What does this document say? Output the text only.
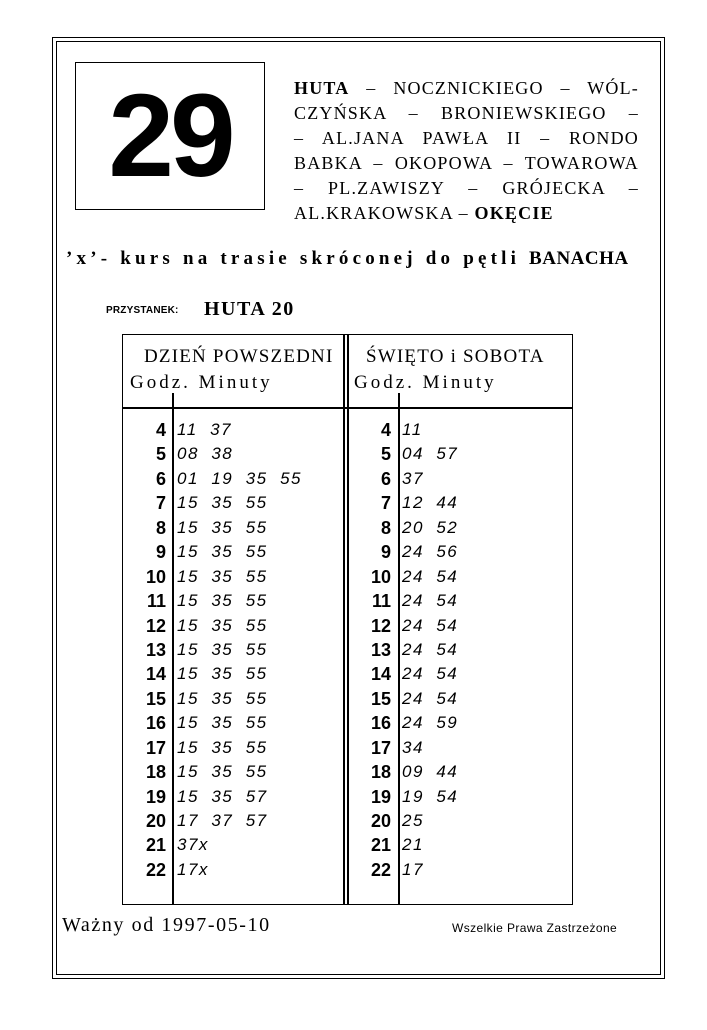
29	HUTA – NOCZNICKIEGO – WÓL-
CZYŃSKA – BRONIEWSKIEGO –
– AL.JANA PAWŁA II – RONDO
BABKA – OKOPOWA – TOWAROWA
– PL.ZAWISZY – GRÓJECKA –
AL.KRAKOWSKA – OKĘCIE
’x’- kurs na trasie skróconej do pętli BANACHA
PRZYSTANEK: HUTA 20
DZIEŃ POWSZEDNI
Godz. Minuty
ŚWIĘTO i SOBOTA
Godz. Minuty
4 11  37
5 08  38
6 01  19  35  55
7 15  35  55
8 15  35  55
9 15  35  55
10 15  35  55
11 15  35  55
12 15  35  55
13 15  35  55
14 15  35  55
15 15  35  55
16 15  35  55
17 15  35  55
18 15  35  55
19 15  35  57
20 17  37  57
21 37x
22 17x
4 11
5 04  57
6 37
7 12  44
8 20  52
9 24  56
10 24  54
11 24  54
12 24  54
13 24  54
14 24  54
15 24  54
16 24  59
17 34
18 09  44
19 19  54
20 25
21 21
22 17
Ważny od 1997-05-10	Wszelkie Prawa Zastrzeżone
